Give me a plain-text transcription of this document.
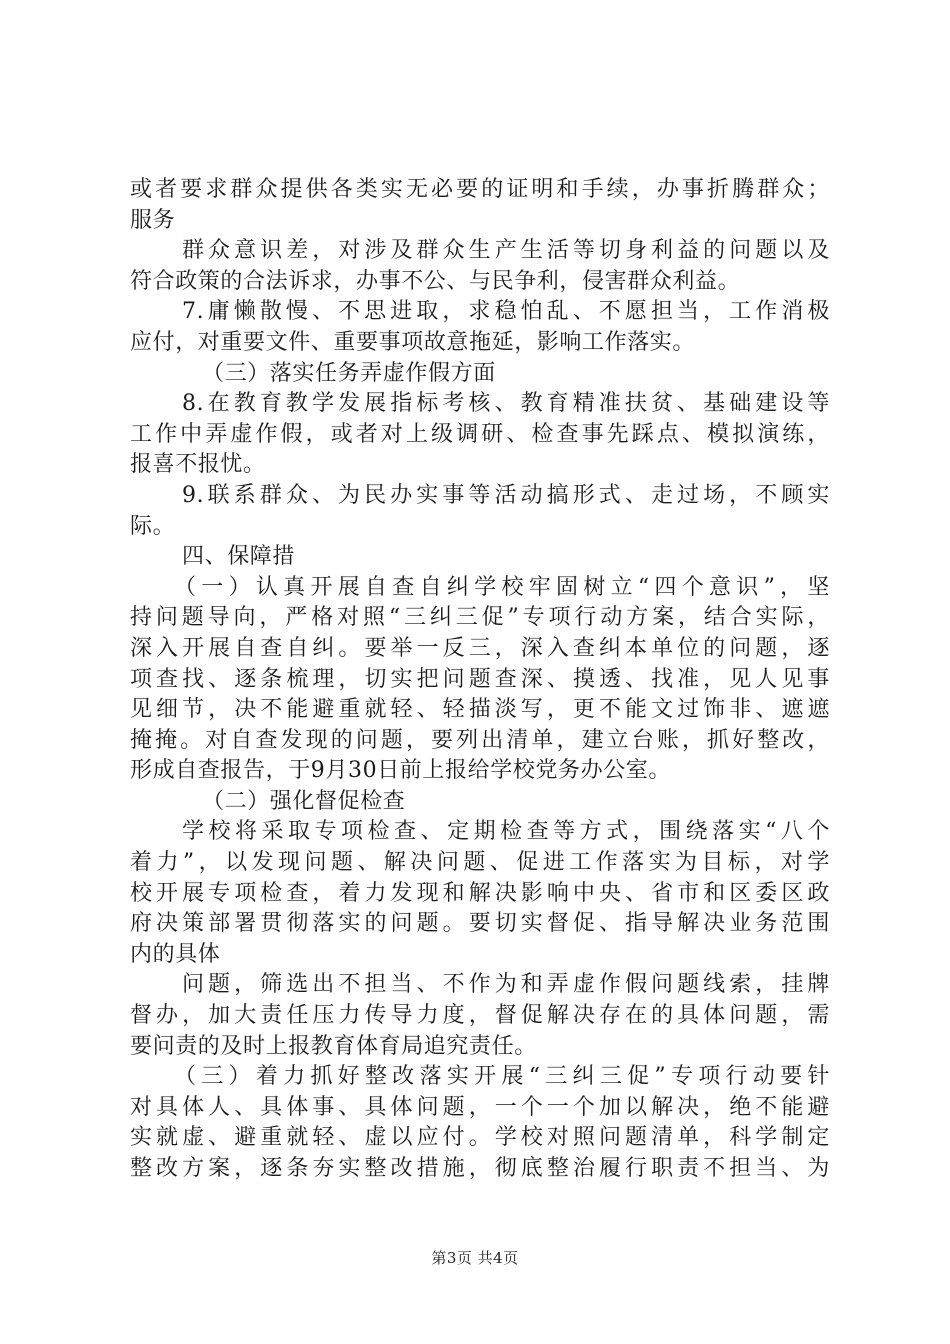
或者要求群众提供各类实无必要的证明和手续，办事折腾群众；
服务
群众意识差，对涉及群众生产生活等切身利益的问题以及
符合政策的合法诉求，办事不公、与民争利，侵害群众利益。
7.庸懒散慢、不思进取，求稳怕乱、不愿担当，工作消极
应付，对重要文件、重要事项故意拖延，影响工作落实。
（三）落实任务弄虚作假方面
8.在教育教学发展指标考核、教育精准扶贫、基础建设等
工作中弄虚作假，或者对上级调研、检查事先踩点、模拟演练，
报喜不报忧。
9.联系群众、为民办实事等活动搞形式、走过场，不顾实
际。
四、保障措
（一）认真开展自查自纠学校牢固树立“四个意识”，坚
持问题导向，严格对照“三纠三促”专项行动方案，结合实际，
深入开展自查自纠。要举一反三，深入查纠本单位的问题，逐
项查找、逐条梳理，切实把问题查深、摸透、找准，见人见事
见细节，决不能避重就轻、轻描淡写，更不能文过饰非、遮遮
掩掩。对自查发现的问题，要列出清单，建立台账，抓好整改，
形成自查报告，于9月30日前上报给学校党务办公室。
（二）强化督促检查
学校将采取专项检查、定期检查等方式，围绕落实“八个
着力”，以发现问题、解决问题、促进工作落实为目标，对学
校开展专项检查，着力发现和解决影响中央、省市和区委区政
府决策部署贯彻落实的问题。要切实督促、指导解决业务范围
内的具体
问题，筛选出不担当、不作为和弄虚作假问题线索，挂牌
督办，加大责任压力传导力度，督促解决存在的具体问题，需
要问责的及时上报教育体育局追究责任。
（三）着力抓好整改落实开展“三纠三促”专项行动要针
对具体人、具体事、具体问题，一个一个加以解决，绝不能避
实就虚、避重就轻、虚以应付。学校对照问题清单，科学制定
整改方案，逐条夯实整改措施，彻底整治履行职责不担当、为
第3页 共4页
